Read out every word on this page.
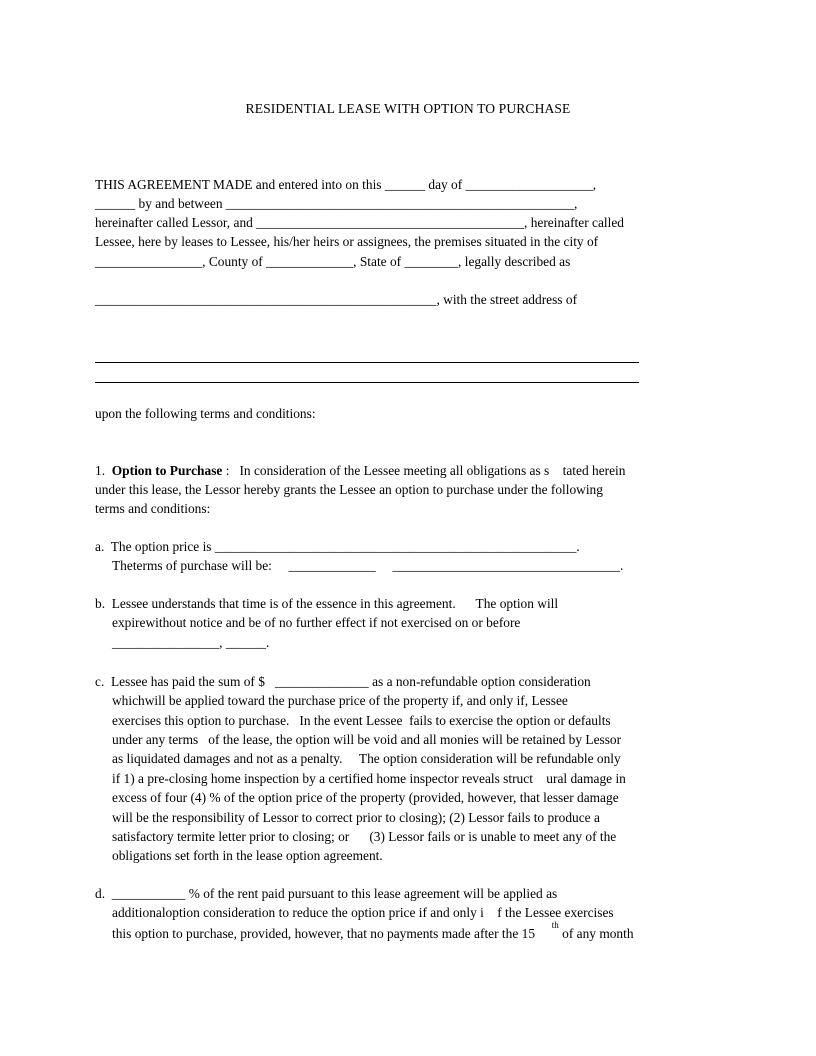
RESIDENTIAL LEASE WITH OPTION TO PURCHASE
THIS AGREEMENT MADE and entered into on this ______ day of ___________________,
______ by and between ____________________________________________________,
hereinafter called Lessor, and ________________________________________, hereinafter called
Lessee, here by leases to Lessee, his/her heirs or assignees, the premises situated in the city of
________________, County of _____________, State of ________, legally described as
___________________________________________________, with the street address of
upon the following terms and conditions:
1. Option to Purchase :   In consideration of the Lessee meeting all obligations as s    tated herein
under this lease, the Lessor hereby grants the Lessee an option to purchase under the following
terms and conditions:
a.  The option price is ______________________________________________________.
Theterms of purchase will be:     _____________     __________________________________.
b.  Lessee understands that time is of the essence in this agreement.      The option will
expirewithout notice and be of no further effect if not exercised on or before
________________, ______.
c.  Lessee has paid the sum of $   ______________ as a non-refundable option consideration
whichwill be applied toward the purchase price of the property if, and only if, Lessee
exercises this option to purchase.   In the event Lessee  fails to exercise the option or defaults
under any terms   of the lease, the option will be void and all monies will be retained by Lessor
as liquidated damages and not as a penalty.     The option consideration will be refundable only
if 1) a pre-closing home inspection by a certified home inspector reveals struct    ural damage in
excess of four (4) % of the option price of the property (provided, however, that lesser damage
will be the responsibility of Lessor to correct prior to closing); (2) Lessor fails to produce a
satisfactory termite letter prior to closing; or      (3) Lessor fails or is unable to meet any of the
obligations set forth in the lease option agreement.
d.  ___________ % of the rent paid pursuant to this lease agreement will be applied as
additionaloption consideration to reduce the option price if and only i    f the Lessee exercises
this option to purchase, provided, however, that no payments made after the 15     $^{th}$ of any month
